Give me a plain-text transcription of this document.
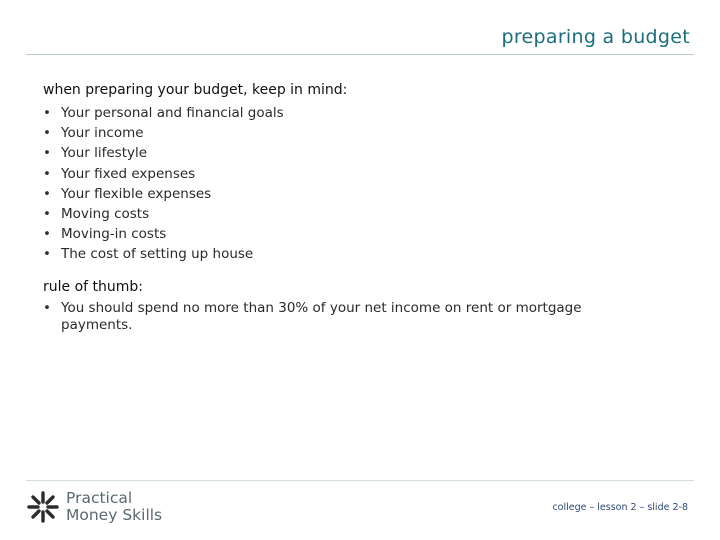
preparing a budget
when preparing your budget, keep in mind:
• Your personal and financial goals
• Your income
• Your lifestyle
• Your fixed expenses
• Your flexible expenses
• Moving costs
• Moving-in costs
• The cost of setting up house
rule of thumb:
• You should spend no more than 30% of your net income on rent or mortgage payments.
Practical
Money Skills	college – lesson 2 – slide 2-8
